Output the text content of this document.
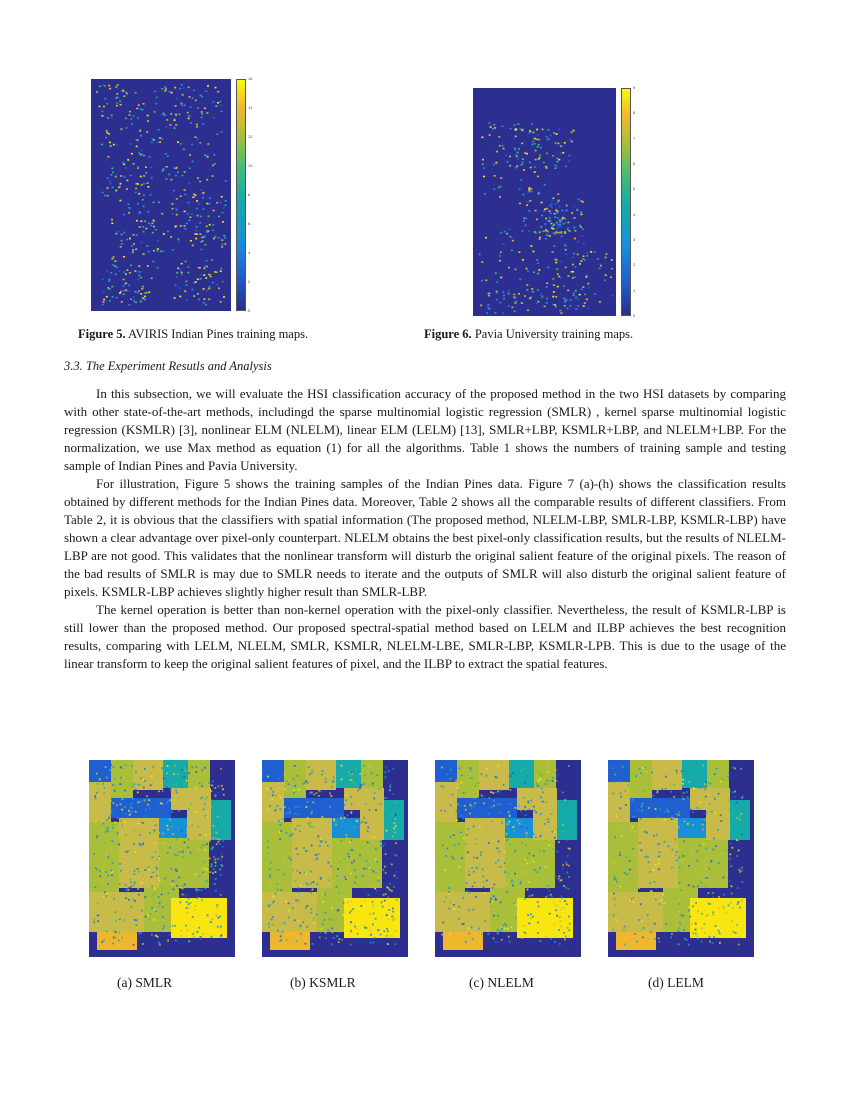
16
14
12
10
8
6
4
2
0
Figure 5. AVIRIS Indian Pines training maps.
9
8
7
6
5
4
3
2
1
0
Figure 6. Pavia University training maps.
3.3. The Experiment Resutls and Analysis

In this subsection, we will evaluate the HSI classification accuracy of the proposed method in the two HSI datasets by comparing with other state-of-the-art methods, includingd the sparse multinomial logistic regression (SMLR) , kernel sparse multinomial logistic regression (KSMLR) [3], nonlinear ELM (NLELM), linear ELM (LELM) [13], SMLR+LBP, KSMLR+LBP, and NLELM+LBP. For the normalization, we use Max method as equation (1) for all the algorithms. Table 1 shows the numbers of training sample and testing sample of Indian Pines and Pavia University.

For illustration, Figure 5 shows the training samples of the Indian Pines data. Figure 7 (a)-(h) shows the classification results obtained by different methods for the Indian Pines data. Moreover, Table 2 shows all the comparable results of different classifiers. From Table 2, it is obvious that the classifiers with spatial information (The proposed method, NLELM-LBP, SMLR-LBP, KSMLR-LBP) have shown a clear advantage over pixel-only counterpart. NLELM obtains the best pixel-only classification results, but the results of NLELM-LBP are not good. This validates that the nonlinear transform will disturb the original salient feature of the original pixels. The reason of the bad results of SMLR is may due to SMLR needs to iterate and the outputs of SMLR will also disturb the original salient feature of pixels. KSMLR-LBP achieves slightly higher result than SMLR-LBP.

The kernel operation is better than non-kernel operation with the pixel-only classifier. Nevertheless, the result of KSMLR-LBP is still lower than the proposed method. Our proposed spectral-spatial method based on LELM and ILBP achieves the best recognition results, comparing with LELM, NLELM, SMLR, KSMLR, NLELM-LBE, SMLR-LBP, KSMLR-LPB. This is due to the usage of the linear transform to keep the original salient features of pixel, and the ILBP to extract the spatial features.

(a) SMLR	(b) KSMLR	(c) NLELM	(d) LELM
